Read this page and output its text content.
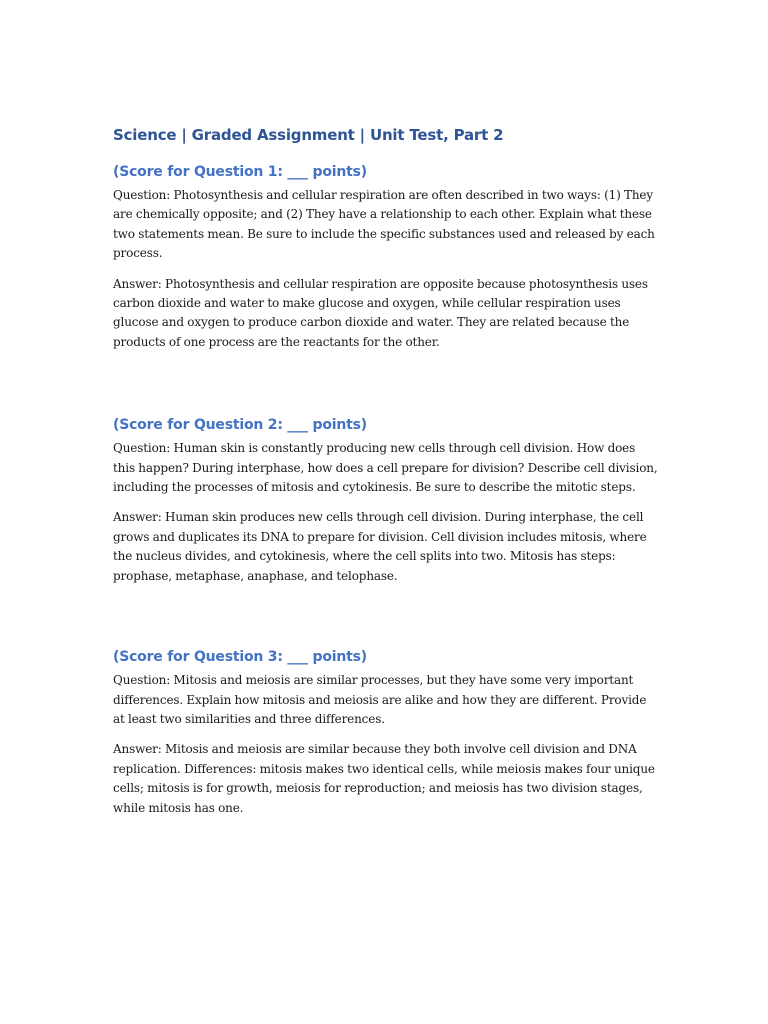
Science | Graded Assignment | Unit Test, Part 2
(Score for Question 1: ___ points)

Question: Photosynthesis and cellular respiration are often described in two ways: (1) They are chemically opposite; and (2) They have a relationship to each other. Explain what these two statements mean. Be sure to include the specific substances used and released by each process.

Answer: Photosynthesis and cellular respiration are opposite because photosynthesis uses carbon dioxide and water to make glucose and oxygen, while cellular respiration uses glucose and oxygen to produce carbon dioxide and water. They are related because the products of one process are the reactants for the other.

(Score for Question 2: ___ points)

Question: Human skin is constantly producing new cells through cell division. How does this happen? During interphase, how does a cell prepare for division? Describe cell division, including the processes of mitosis and cytokinesis. Be sure to describe the mitotic steps.

Answer: Human skin produces new cells through cell division. During interphase, the cell grows and duplicates its DNA to prepare for division. Cell division includes mitosis, where the nucleus divides, and cytokinesis, where the cell splits into two. Mitosis has steps: prophase, metaphase, anaphase, and telophase.

(Score for Question 3: ___ points)

Question: Mitosis and meiosis are similar processes, but they have some very important differences. Explain how mitosis and meiosis are alike and how they are different. Provide at least two similarities and three differences.

Answer: Mitosis and meiosis are similar because they both involve cell division and DNA replication. Differences: mitosis makes two identical cells, while meiosis makes four unique cells; mitosis is for growth, meiosis for reproduction; and meiosis has two division stages, while mitosis has one.
